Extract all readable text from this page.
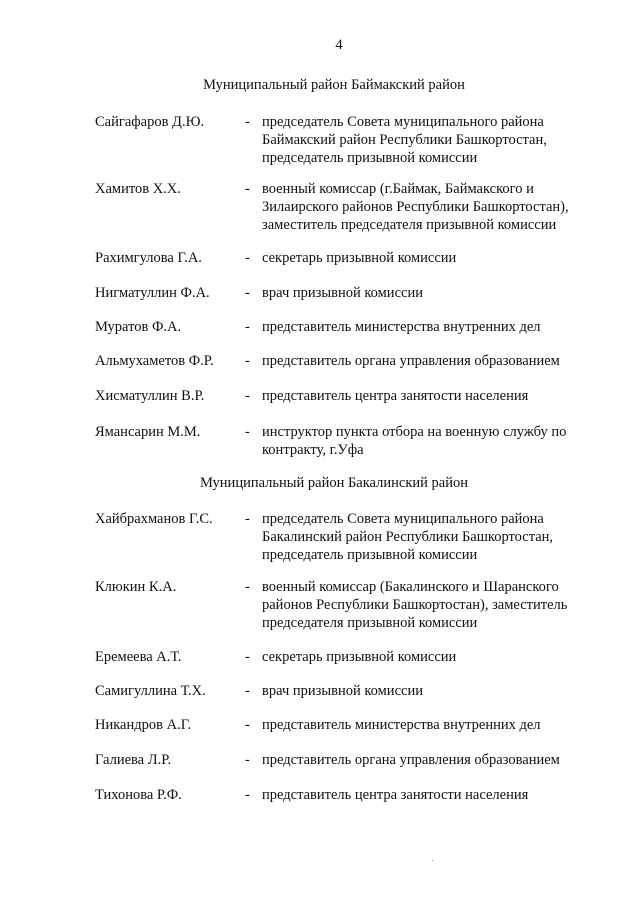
4
Муниципальный район Баймакский район
Сайгафаров Д.Ю.	- председатель Совета муниципального района
Баймакский район Республики Башкортостан,
председатель призывной комиссии
Хамитов Х.Х.	- военный комиссар (г.Баймак, Баймакского и
Зилаирского районов Республики Башкортостан),
заместитель председателя призывной комиссии
Рахимгулова Г.А.	- секретарь призывной комиссии
Нигматуллин Ф.А. - врач призывной комиссии
Муратов Ф.А.	- представитель министерства внутренних дел
Альмухаметов Ф.Р. - представитель органа управления образованием
Хисматуллин В.Р.	- представитель центра занятости населения
Ямансарин М.М.	- инструктор пункта отбора на военную службу по
контракту, г.Уфа
Муниципальный район Бакалинский район
Хайбрахманов Г.С. - председатель Совета муниципального района
Бакалинский район Республики Башкортостан,
председатель призывной комиссии
Клюкин К.А.	- военный комиссар (Бакалинского и Шаранского
районов Республики Башкортостан), заместитель
председателя призывной комиссии
Еремеева А.Т.	- секретарь призывной комиссии
Самигуллина Т.Х.	- врач призывной комиссии
Никандров А.Г.	- представитель министерства внутренних дел
Галиева Л.Р.	- представитель органа управления образованием
Тихонова Р.Ф.	- представитель центра занятости населения
